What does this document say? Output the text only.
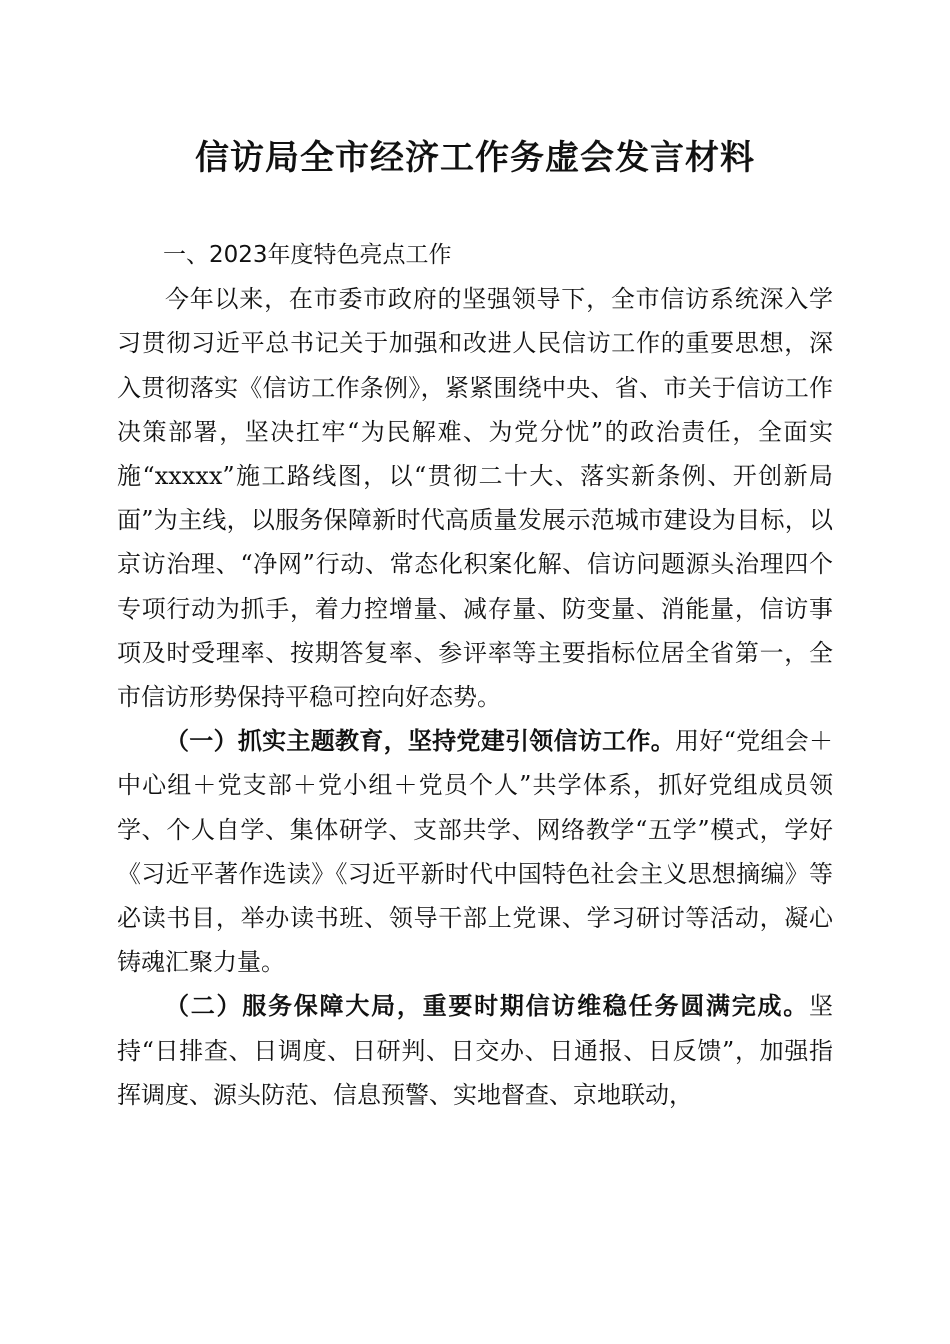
信访局全市经济工作务虚会发言材料

一、2023年度特色亮点工作

今年以来，在市委市政府的坚强领导下，全市信访系统深入学习贯彻习近平总书记关于加强和改进人民信访工作的重要思想，深入贯彻落实《信访工作条例》，紧紧围绕中央、省、市关于信访工作决策部署，坚决扛牢“为民解难、为党分忧”的政治责任，全面实施“xxxxx”施工路线图，以“贯彻二十大、落实新条例、开创新局面”为主线，以服务保障新时代高质量发展示范城市建设为目标，以京访治理、“净网”行动、常态化积案化解、信访问题源头治理四个专项行动为抓手，着力控增量、减存量、防变量、消能量，信访事项及时受理率、按期答复率、参评率等主要指标位居全省第一，全市信访形势保持平稳可控向好态势。

（一）抓实主题教育，坚持党建引领信访工作。用好“党组会＋中心组＋党支部＋党小组＋党员个人”共学体系，抓好党组成员领学、个人自学、集体研学、支部共学、网络教学“五学”模式，学好《习近平著作选读》《习近平新时代中国特色社会主义思想摘编》等必读书目，举办读书班、领导干部上党课、学习研讨等活动，凝心铸魂汇聚力量。

（二）服务保障大局，重要时期信访维稳任务圆满完成。坚持“日排查、日调度、日研判、日交办、日通报、日反馈”，加强指挥调度、源头防范、信息预警、实地督查、京地联动，
